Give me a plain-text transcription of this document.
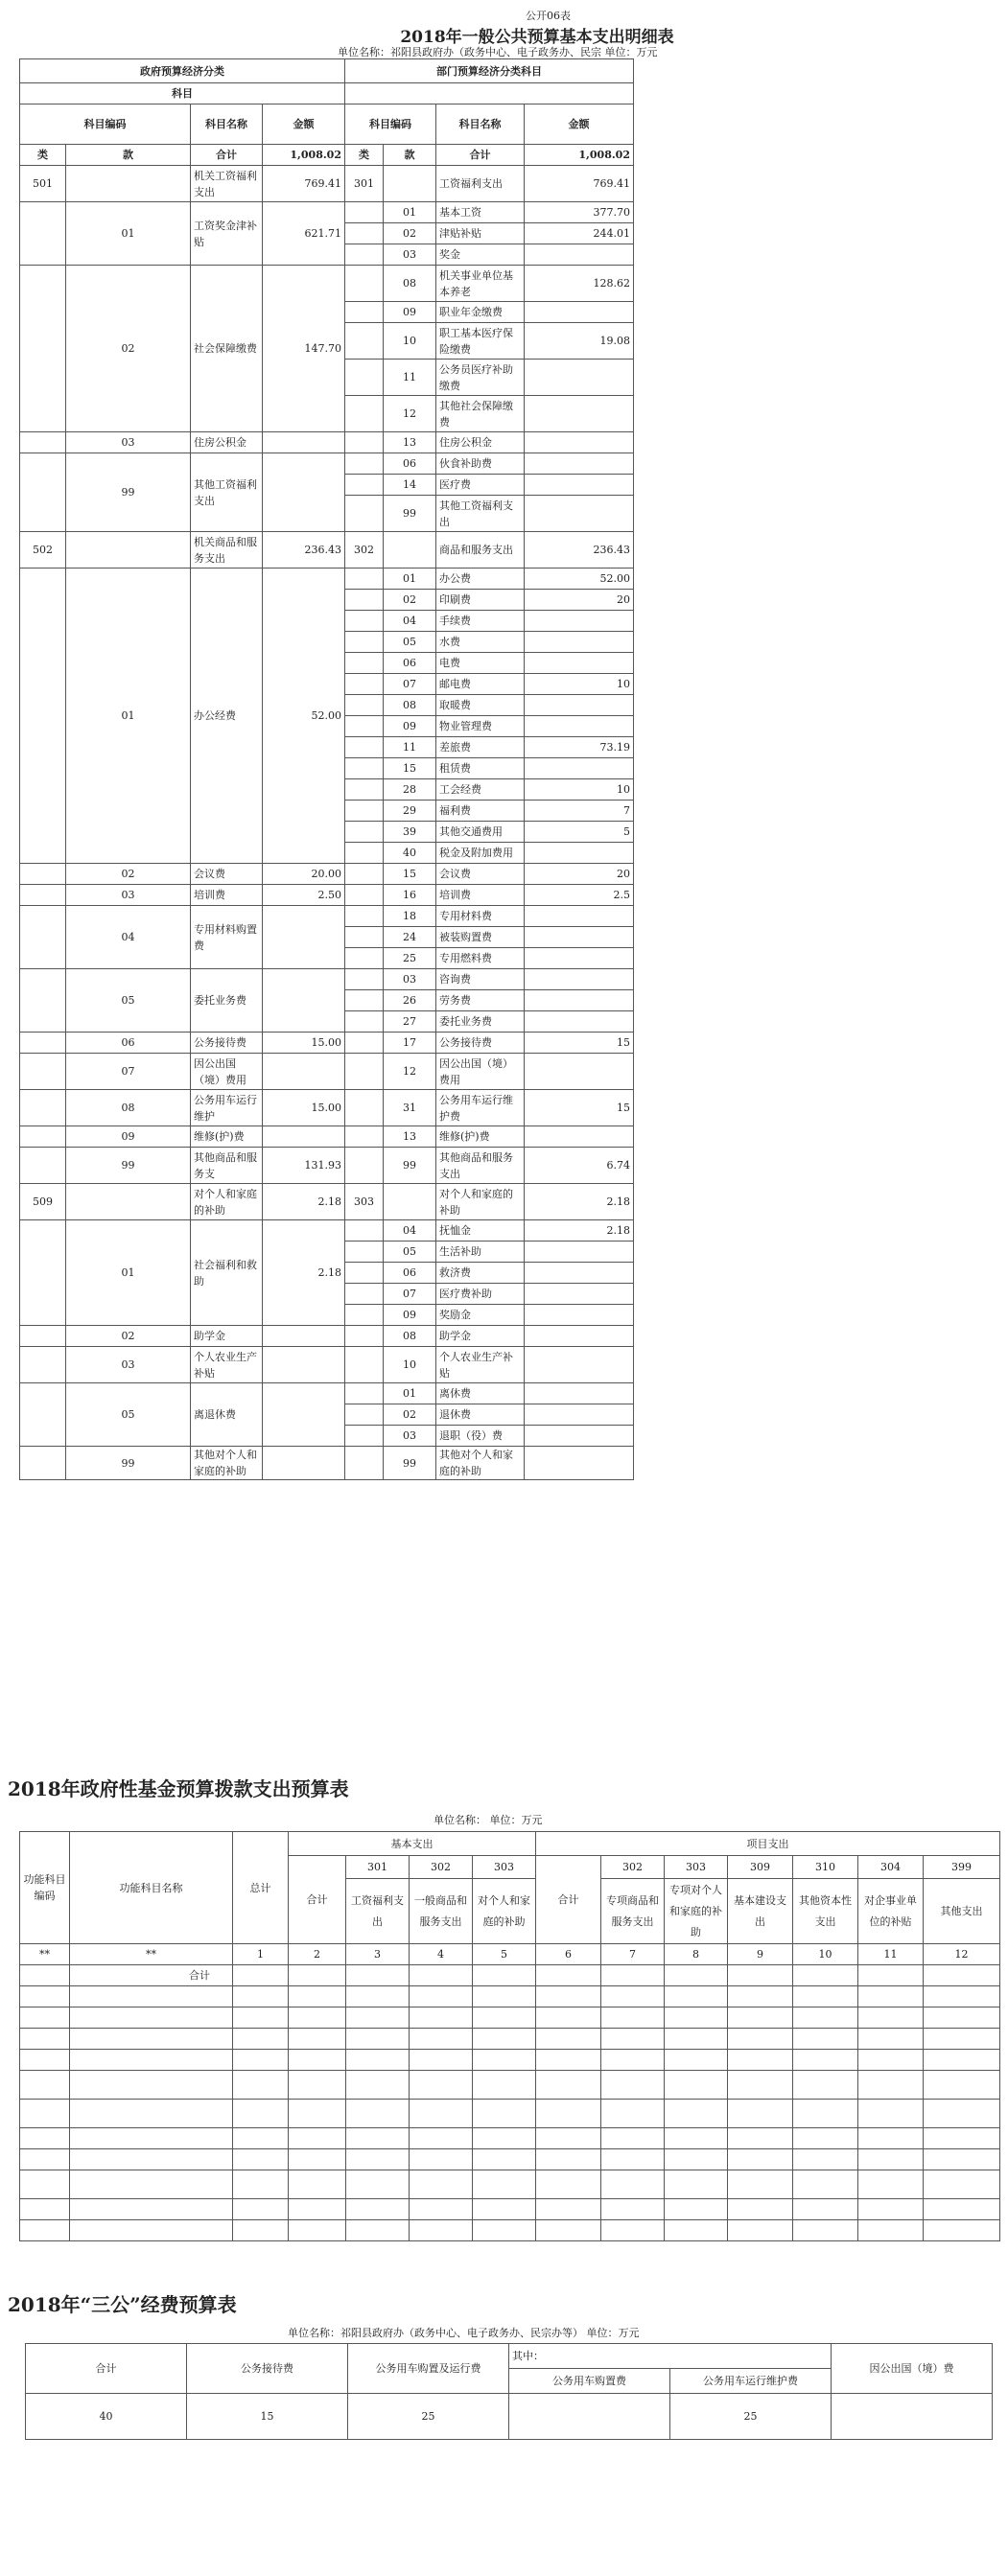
公开06表
2018年一般公共预算基本支出明细表
单位名称：祁阳县政府办（政务中心、电子政务办、民宗 单位：万元
政府预算经济分类				部门预算经济分类科目			
科目							
科目编码		科目名称	金额	科目编码		科目名称	金额
类	款	合计	1,008.02	类	款	合计	1,008.02
501		机关工资福利支出	769.41	301		工资福利支出	769.41
	01	工资奖金津补贴	621.71		01	基本工资	377.70
					02	津贴补贴	244.01
					03	奖金	
	02	社会保障缴费	147.70		08	机关事业单位基本养老	128.62
					09	职业年金缴费	
					10	职工基本医疗保险缴费	19.08
					11	公务员医疗补助缴费	
					12	其他社会保障缴费	
	03	住房公积金			13	住房公积金	
	99	其他工资福利支出			06	伙食补助费	
					14	医疗费	
					99	其他工资福利支出	
502		机关商品和服务支出	236.43	302		商品和服务支出	236.43
	01	办公经费	52.00		01	办公费	52.00
					02	印刷费	20
					04	手续费	
					05	水费	
					06	电费	
					07	邮电费	10
					08	取暖费	
					09	物业管理费	
					11	差旅费	73.19
					15	租赁费	
					28	工会经费	10
					29	福利费	7
					39	其他交通费用	5
					40	税金及附加费用	
	02	会议费	20.00		15	会议费	20
	03	培训费	2.50		16	培训费	2.5
	04	专用材料购置费			18	专用材料费	
					24	被装购置费	
					25	专用燃料费	
	05	委托业务费			03	咨询费	
					26	劳务费	
					27	委托业务费	
	06	公务接待费	15.00		17	公务接待费	15
	07	因公出国（境）费用			12	因公出国（境）费用	
	08	公务用车运行维护	15.00		31	公务用车运行维护费	15
	09	维修(护)费			13	维修(护)费	
	99	其他商品和服务支	131.93		99	其他商品和服务支出	6.74
509		对个人和家庭的补助	2.18	303		对个人和家庭的补助	2.18
	01	社会福利和救助	2.18		04	抚恤金	2.18
					05	生活补助	
					06	救济费	
					07	医疗费补助	
					09	奖励金	
	02	助学金			08	助学金	
	03	个人农业生产补贴			10	个人农业生产补贴	
	05	离退休费			01	离休费	
					02	退休费	
					03	退职（役）费	
	99	其他对个人和家庭的补助			99	其他对个人和家庭的补助	
2018年政府性基金预算拨款支出预算表
单位名称： 单位：万元
功能科目编码	功能科目名称	总计	基本支出				项目支出						
			合计	301	302	303	合计	302	303	309	310	304	399
				工资福利支出	一般商品和服务支出	对个人和家庭的补助		专项商品和服务支出	专项对个人和家庭的补助	基本建设支出	其他资本性支出	对企事业单位的补贴	其他支出
**	**	1	2	3	4	5	6	7	8	9	10	11	12
	合计												

2018年“三公”经费预算表
单位名称：祁阳县政府办（政务中心、电子政务办、民宗办等） 单位：万元
合计	公务接待费	公务用车购置及运行费	其中：		因公出国（境）费
			公务用车购置费	公务用车运行维护费	

40	15	25		25	
